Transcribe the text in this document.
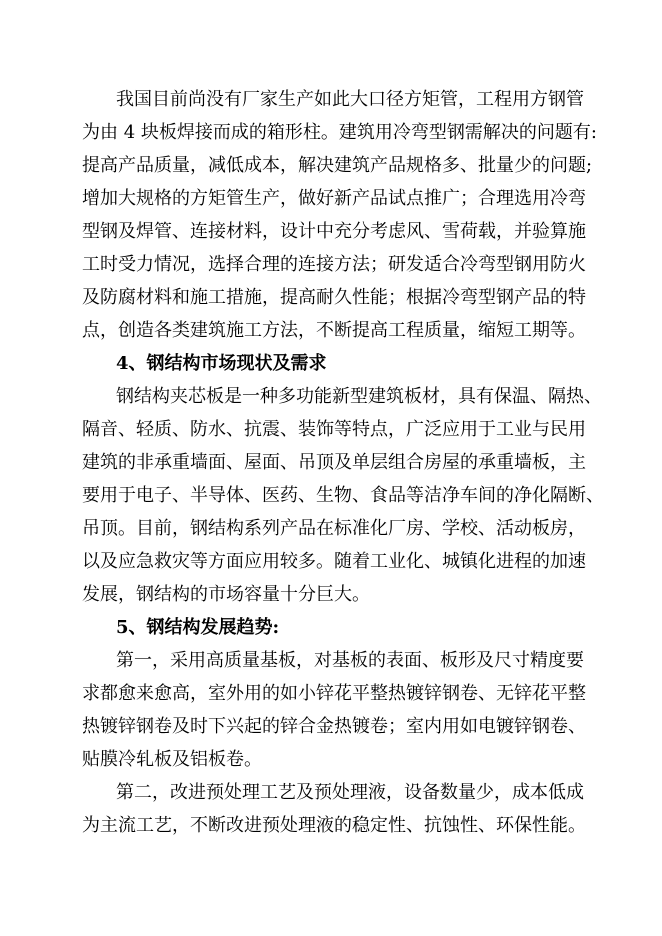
我国目前尚没有厂家生产如此大口径方矩管，工程用方钢管
为由 4 块板焊接而成的箱形柱。建筑用冷弯型钢需解决的问题有:
提高产品质量，减低成本，解决建筑产品规格多、批量少的问题;
增加大规格的方矩管生产，做好新产品试点推广；合理选用冷弯
型钢及焊管、连接材料，设计中充分考虑风、雪荷载，并验算施
工时受力情况，选择合理的连接方法；研发适合冷弯型钢用防火
及防腐材料和施工措施，提高耐久性能；根据冷弯型钢产品的特
点，创造各类建筑施工方法，不断提高工程质量，缩短工期等。
4、钢结构市场现状及需求
钢结构夹芯板是一种多功能新型建筑板材，具有保温、隔热、
隔音、轻质、防水、抗震、装饰等特点，广泛应用于工业与民用
建筑的非承重墙面、屋面、吊顶及单层组合房屋的承重墙板，主
要用于电子、半导体、医药、生物、食品等洁净车间的净化隔断、
吊顶。目前，钢结构系列产品在标准化厂房、学校、活动板房，
以及应急救灾等方面应用较多。随着工业化、城镇化进程的加速
发展，钢结构的市场容量十分巨大。
5、钢结构发展趋势:
第一，采用高质量基板，对基板的表面、板形及尺寸精度要
求都愈来愈高，室外用的如小锌花平整热镀锌钢卷、无锌花平整
热镀锌钢卷及时下兴起的锌合金热镀卷；室内用如电镀锌钢卷、
贴膜冷轧板及铝板卷。
第二，改进预处理工艺及预处理液，设备数量少，成本低成
为主流工艺，不断改进预处理液的稳定性、抗蚀性、环保性能。
